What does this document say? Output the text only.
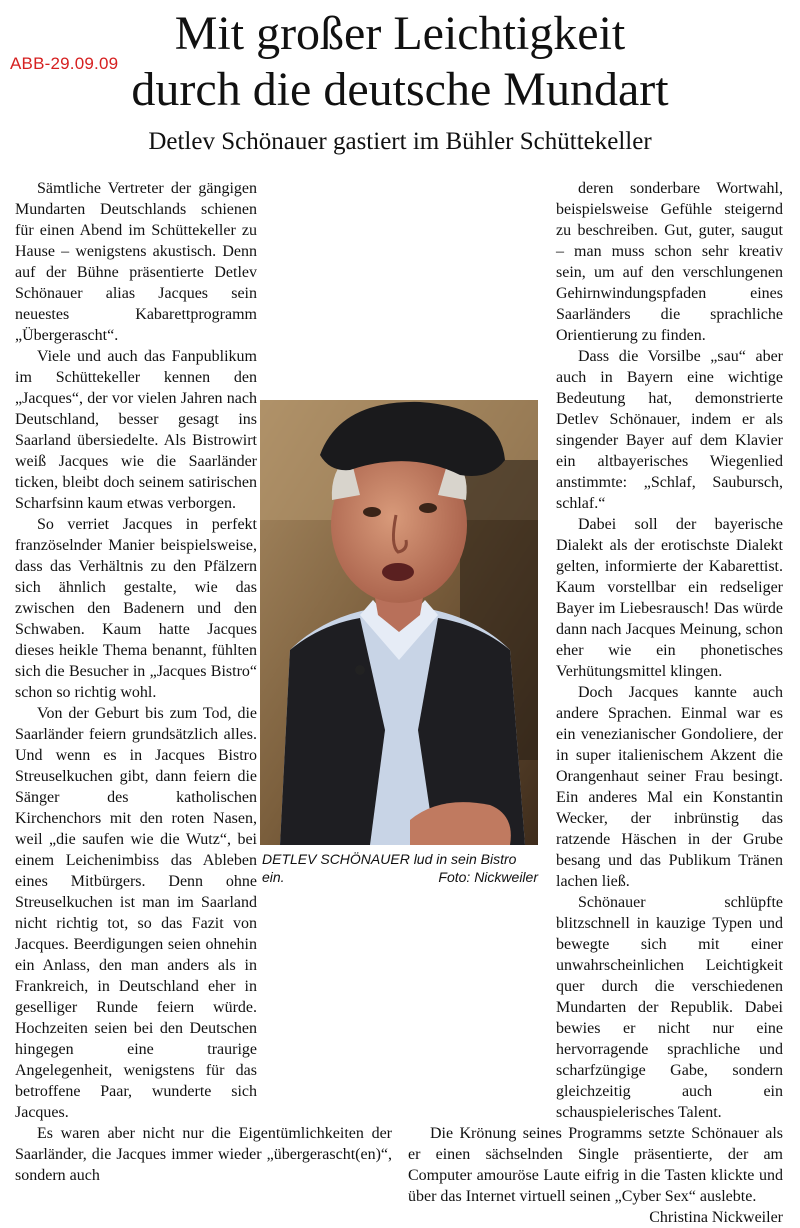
ABB-29.09.09
Mit großer Leichtigkeit
durch die deutsche Mundart
Detlev Schönauer gastiert im Bühler Schüttekeller

Sämtliche Vertreter der gängigen Mundarten Deutschlands schienen für einen Abend im Schüttekeller zu Hause – wenigstens akustisch. Denn auf der Bühne präsentierte Detlev Schönauer alias Jacques sein neuestes Kabarettprogramm „Übergerascht“.

Viele und auch das Fanpublikum im Schüttekeller kennen den „Jacques“, der vor vielen Jahren nach Deutschland, besser gesagt ins Saarland übersiedelte. Als Bistrowirt weiß Jacques wie die Saarländer ticken, bleibt doch seinem satirischen Scharfsinn kaum etwas verborgen.

So verriet Jacques in perfekt französelnder Manier beispielsweise, dass das Verhältnis zu den Pfälzern sich ähnlich gestalte, wie das zwischen den Badenern und den Schwaben. Kaum hatte Jacques dieses heikle Thema benannt, fühlten sich die Besucher in „Jacques Bistro“ schon so richtig wohl.

Von der Geburt bis zum Tod, die Saarländer feiern grundsätzlich alles. Und wenn es in Jacques Bistro Streuselkuchen gibt, dann feiern die Sänger des katholischen Kirchenchors mit den roten Nasen, weil „die saufen wie die Wutz“, bei einem Leichenimbiss das Ableben eines Mitbürgers. Denn ohne Streuselkuchen ist man im Saarland nicht richtig tot, so das Fazit von Jacques. Beerdigungen seien ohnehin ein Anlass, den man anders als in Frankreich, in Deutschland eher in geselliger Runde feiern würde. Hochzeiten seien bei den Deutschen hingegen eine traurige Angelegenheit, wenigstens für das betroffene Paar, wunderte sich Jacques.

Es waren aber nicht nur die Eigentümlichkeiten der Saarländer, die Jacques immer wieder „übergerascht(en)“, sondern auch

deren sonderbare Wortwahl, beispielsweise Gefühle steigernd zu beschreiben. Gut, guter, saugut – man muss schon sehr kreativ sein, um auf den verschlungenen Gehirnwindungspfaden eines Saarländers die sprachliche Orientierung zu finden.

Dass die Vorsilbe „sau“ aber auch in Bayern eine wichtige Bedeutung hat, demonstrierte Detlev Schönauer, indem er als singender Bayer auf dem Klavier ein altbayerisches Wiegenlied anstimmte: „Schlaf, Saubursch, schlaf.“

Dabei soll der bayerische Dialekt als der erotischste Dialekt gelten, informierte der Kabarettist. Kaum vorstellbar ein redseliger Bayer im Liebesrausch! Das würde dann nach Jacques Meinung, schon eher wie ein phonetisches Verhütungsmittel klingen.

Doch Jacques kannte auch andere Sprachen. Einmal war es ein venezianischer Gondoliere, der in super italienischem Akzent die Orangenhaut seiner Frau besingt. Ein anderes Mal ein Konstantin Wecker, der inbrünstig das ratzende Häschen in der Grube besang und das Publikum Tränen lachen ließ.

Schönauer schlüpfte blitzschnell in kauzige Typen und bewegte sich mit einer unwahrscheinlichen Leichtigkeit quer durch die verschiedenen Mundarten der Republik. Dabei bewies er nicht nur eine hervorragende sprachliche und scharfzüngige Gabe, sondern gleichzeitig auch ein schauspielerisches Talent.

Die Krönung seines Programms setzte Schönauer als er einen sächselnden Single präsentierte, der am Computer amouröse Laute eifrig in die Tasten klickte und über das Internet virtuell seinen „Cyber Sex“ auslebte.

Christina Nickweiler

DETLEV SCHÖNAUER lud in sein Bistro ein.	Foto: Nickweiler
